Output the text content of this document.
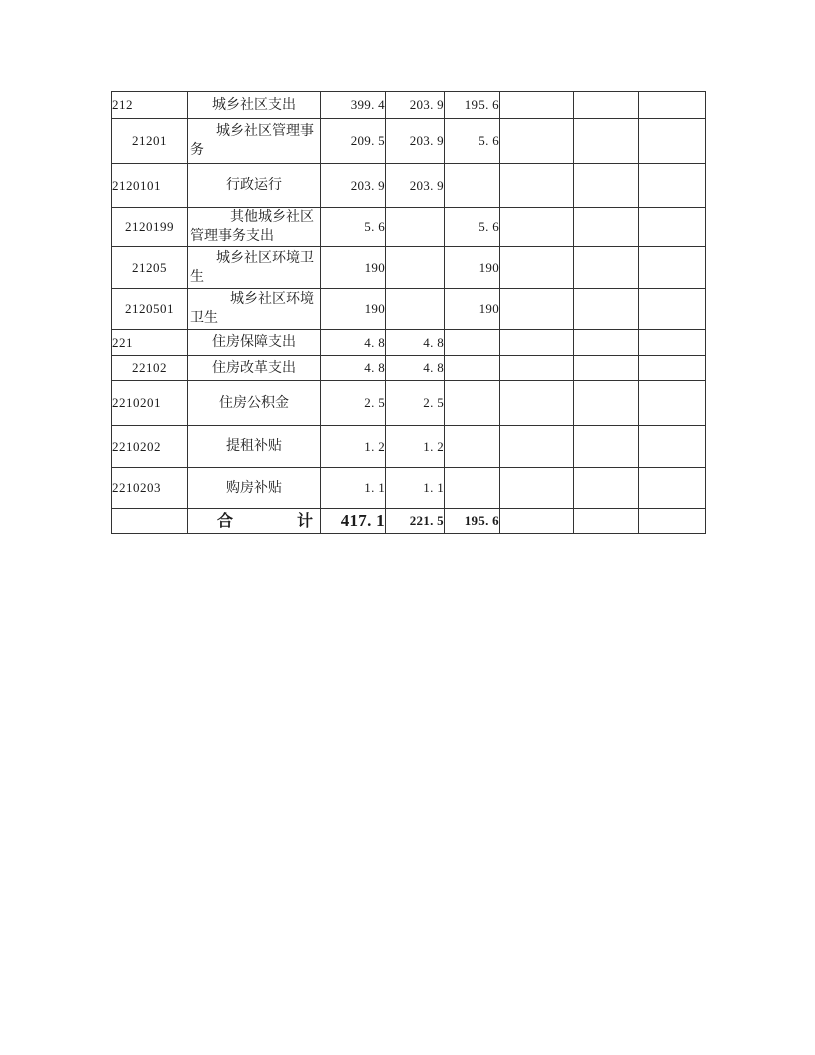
212	城乡社区支出	399. 4	203. 9	195. 6			
21201	城乡社区管理事
务	209. 5	203. 9	5. 6			
2120101	行政运行	203. 9	203. 9				
2120199	其他城乡社区
管理事务支出	5. 6		5. 6			
21205	城乡社区环境卫
生	190		190			
2120501	城乡社区环境
卫生	190		190			
221	住房保障支出	4. 8	4. 8				
22102	住房改革支出	4. 8	4. 8				
2210201	住房公积金	2. 5	2. 5				
2210202	提租补贴	1. 2	1. 2				
2210203	购房补贴	1. 1	1. 1				

	合 计	417. 1	221. 5	195. 6			
